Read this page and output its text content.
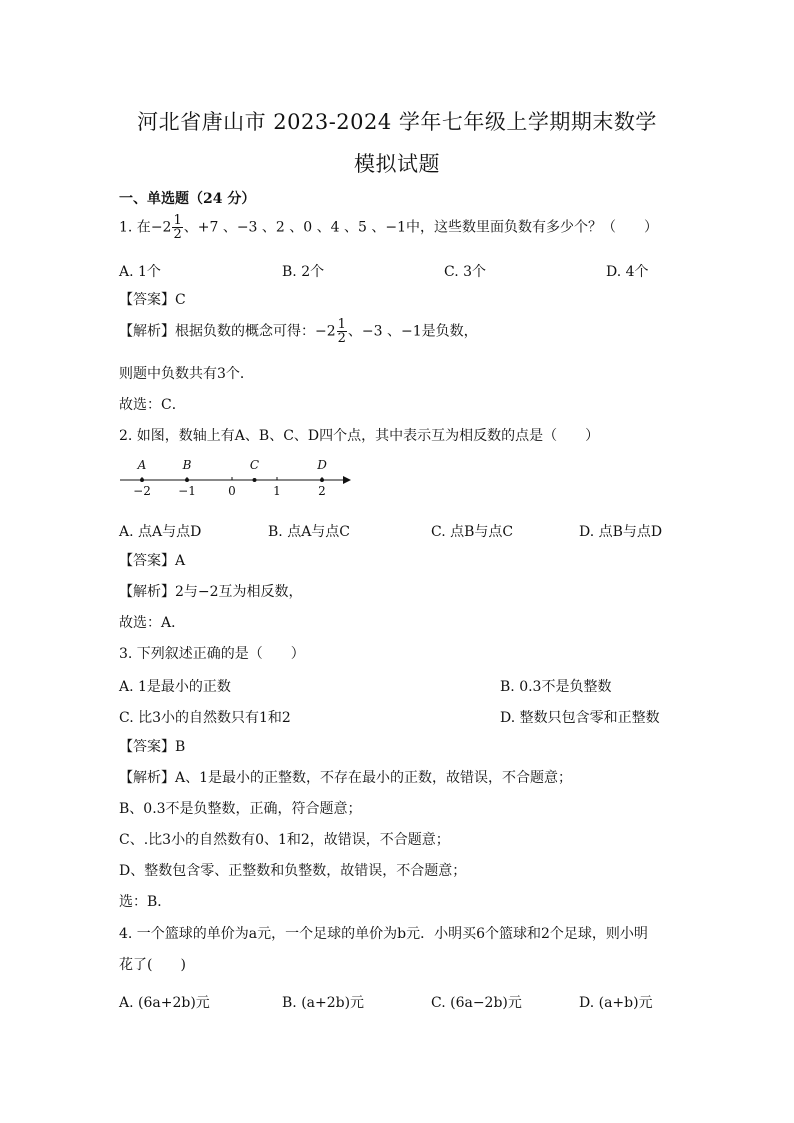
河北省唐山市 2023-2024 学年七年级上学期期末数学
模拟试题
一、单选题（24 分）
1. 在$-2 \frac{1}{2}$ 、+7 、−3 、2 、0 、4 、5 、−1中，这些数里面负数有多少个？（　　）
A. 1个	B. 2个	C. 3个	D. 4个
【答案】C
【解析】根据负数的概念可得：$-2 \frac{1}{2}$ 、−3 、−1是负数，
则题中负数共有3个．
故选：C．
2. 如图，数轴上有A、B、C、D四个点，其中表示互为相反数的点是（　　）
−2 −1	0	1	2
A	B	C	D
A. 点A与点D	B. 点A与点C	C. 点B与点C	D. 点B与点D
【答案】A
【解析】2与−2互为相反数，
故选：A．
3. 下列叙述正确的是（　　）
A. 1是最小的正数	B. 0.3不是负整数
C. 比3小的自然数只有1和2	D. 整数只包含零和正整数
【答案】B
【解析】A、1是最小的正整数，不存在最小的正数，故错误，不合题意；
B、0.3不是负整数，正确，符合题意；
C、.比3小的自然数有0、1和2，故错误，不合题意；
D、整数包含零、正整数和负整数，故错误，不合题意；
选：B．
4. 一个篮球的单价为a元，一个足球的单价为b元．小明买6个篮球和2个足球，则小明
花了(　　)
A. (6a+2b)元	B. (a+2b)元	C. (6a−2b)元	D. (a+b)元
